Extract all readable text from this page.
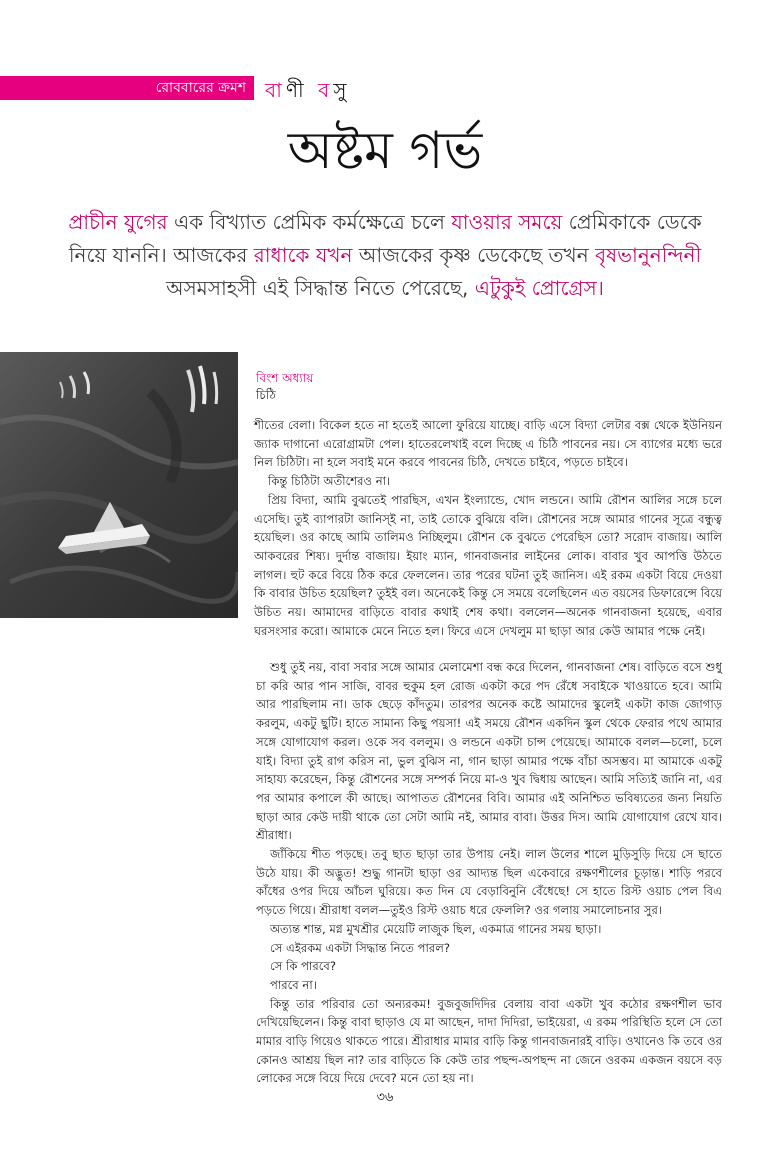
রোববারের ক্রমশ বাণী বসু
অষ্টম গর্ভ
প্রাচীন যুগের এক বিখ্যাত প্রেমিক কর্মক্ষেত্রে চলে যাওয়ার সময়ে প্রেমিকাকে ডেকে নিয়ে যাননি। আজকের রাধাকে যখন আজকের কৃষ্ণ ডেকেছে তখন বৃষভানুনন্দিনী অসমসাহসী এই সিদ্ধান্ত নিতে পেরেছে, এটুকুই প্রোগ্রেস।
বিংশ অধ্যায়
চিঠি

শীতের বেলা। বিকেল হতে না হতেই আলো ফুরিয়ে যাচ্ছে। বাড়ি এসে বিদ্যা লেটার বক্স থেকে ইউনিয়ন জ্যাক দাগানো এরোগ্রামটা পেল। হাতেরলেখাই বলে দিচ্ছে এ চিঠি পাবনের নয়। সে ব্যাগের মধ্যে ভরে নিল চিঠিটা। না হলে সবাই মনে করবে পাবনের চিঠি, দেখতে চাইবে, পড়তে চাইবে।

কিন্তু চিঠিটা অতীশেরও না।

প্রিয় বিদ্যা, আমি বুঝতেই পারছিস, এখন ইংল্যান্ডে, খোদ লন্ডনে। আমি রৌশন আলির সঙ্গে চলে এসেছি। তুই ব্যাপারটা জানিস্‌ই না, তাই তোকে বুঝিয়ে বলি। রৌশনের সঙ্গে আমার গানের সূত্রে বন্ধুত্ব হয়েছিল। ওর কাছে আমি তালিমও নিচ্ছিলুম। রৌশন কে বুঝতে পেরেছিস তো? সরোদ বাজায়। আলি আকবরের শিষ্য। দুর্দান্ত বাজায়। ইয়াং ম্যান, গানবাজনার লাইনের লোক। বাবার খুব আপত্তি উঠতে লাগল। হুট করে বিয়ে ঠিক করে ফেললেন। তার পরের ঘটনা তুই জানিস। এই রকম একটা বিয়ে দেওয়া কি বাবার উচিত হয়েছিল? তুইই বল। অনেকেই কিন্তু সে সময়ে বলেছিলেন এত বয়সের ডিফারেন্সে বিয়ে উচিত নয়। আমাদের বাড়িতে বাবার কথাই শেষ কথা। বললেন—অনেক গানবাজনা হয়েছে, এবার ঘরসংসার করো। আমাকে মেনে নিতে হল। ফিরে এসে দেখলুম মা ছাড়া আর কেউ আমার পক্ষে নেই।

শুধু তুই নয়, বাবা সবার সঙ্গে আমার মেলামেশা বন্ধ করে দিলেন, গানবাজনা শেষ। বাড়িতে বসে শুধু চা করি আর পান সাজি, বাবর হুকুম হল রোজ একটা করে পদ রেঁধে সবাইকে খাওয়াতে হবে। আমি আর পারছিলাম না। ডাক ছেড়ে কাঁদতুম। তারপর অনেক কষ্টে আমাদের স্কুলেই একটা কাজ জোগাড় করলুম, একটু ছুটি। হাতে সামান্য কিছু পয়সা! এই সময়ে রৌশন একদিন স্কুল থেকে ফেরার পথে আমার সঙ্গে যোগাযোগ করল। ওকে সব বললুম। ও লন্ডনে একটা চান্স পেয়েছে। আমাকে বলল—চলো, চলে যাই। বিদ্যা তুই রাগ করিস না, ভুল বুঝিস না, গান ছাড়া আমার পক্ষে বাঁচা অসম্ভব। মা আমাকে একটু সাহায্য করেছেন, কিন্তু রৌশনের সঙ্গে সম্পর্ক নিয়ে মা-ও খুব দ্বিধায় আছেন। আমি সত্যিই জানি না, এর পর আমার কপালে কী আছে। আপাতত রৌশনের বিবি। আমার এই অনিশ্চিত ভবিষ্যতের জন্য নিয়তি ছাড়া আর কেউ দায়ী থাকে তো সেটা আমি নই, আমার বাবা। উত্তর দিস। আমি যোগাযোগ রেখে যাব। শ্রীরাধা।

জাঁকিয়ে শীত পড়ছে। তবু ছাত ছাড়া তার উপায় নেই। লাল উলের শালে মুড়িসুড়ি দিয়ে সে ছাতে উঠে যায়। কী অদ্ভুত! শুদ্ধু গানটা ছাড়া ওর আদ্যন্ত ছিল একেবারে রক্ষণশীলের চূড়ান্ত। শাড়ি পরবে কাঁধের ওপর দিয়ে আঁচল ঘুরিয়ে। কত দিন যে বেড়াবিনুনি বেঁধেছে! সে হাতে রিস্ট ওয়াচ পেল বিএ পড়তে গিয়ে। শ্রীরাধা বলল—তুইও রিস্ট ওয়াচ ধরে ফেললি? ওর গলায় সমালোচনার সুর।

অত্যন্ত শান্ত, মগ্ন মুখশ্রীর মেয়েটি লাজুক ছিল, একমাত্র গানের সময় ছাড়া।

সে এইরকম একটা সিদ্ধান্ত নিতে পারল?

সে কি পারবে?

পারবে না।

কিন্তু তার পরিবার তো অন্যরকম! বুজবুজদিদির বেলায় বাবা একটা খুব কঠোর রক্ষণশীল ভাব দেখিয়েছিলেন। কিন্তু বাবা ছাড়াও যে মা আছেন, দাদা দিদিরা, ভাইয়েরা, এ রকম পরিস্থিতি হলে সে তো মামার বাড়ি গিয়েও থাকতে পারে। শ্রীরাধার মামার বাড়ি কিন্তু গানবাজনারই বাড়ি। ওখানেও কি তবে ওর কোনও আশ্রয় ছিল না? তার বাড়িতে কি কেউ তার পছন্দ-অপছন্দ না জেনে ওরকম একজন বয়সে বড় লোকের সঙ্গে বিয়ে দিয়ে দেবে? মনে তো হয় না।

৩৬
